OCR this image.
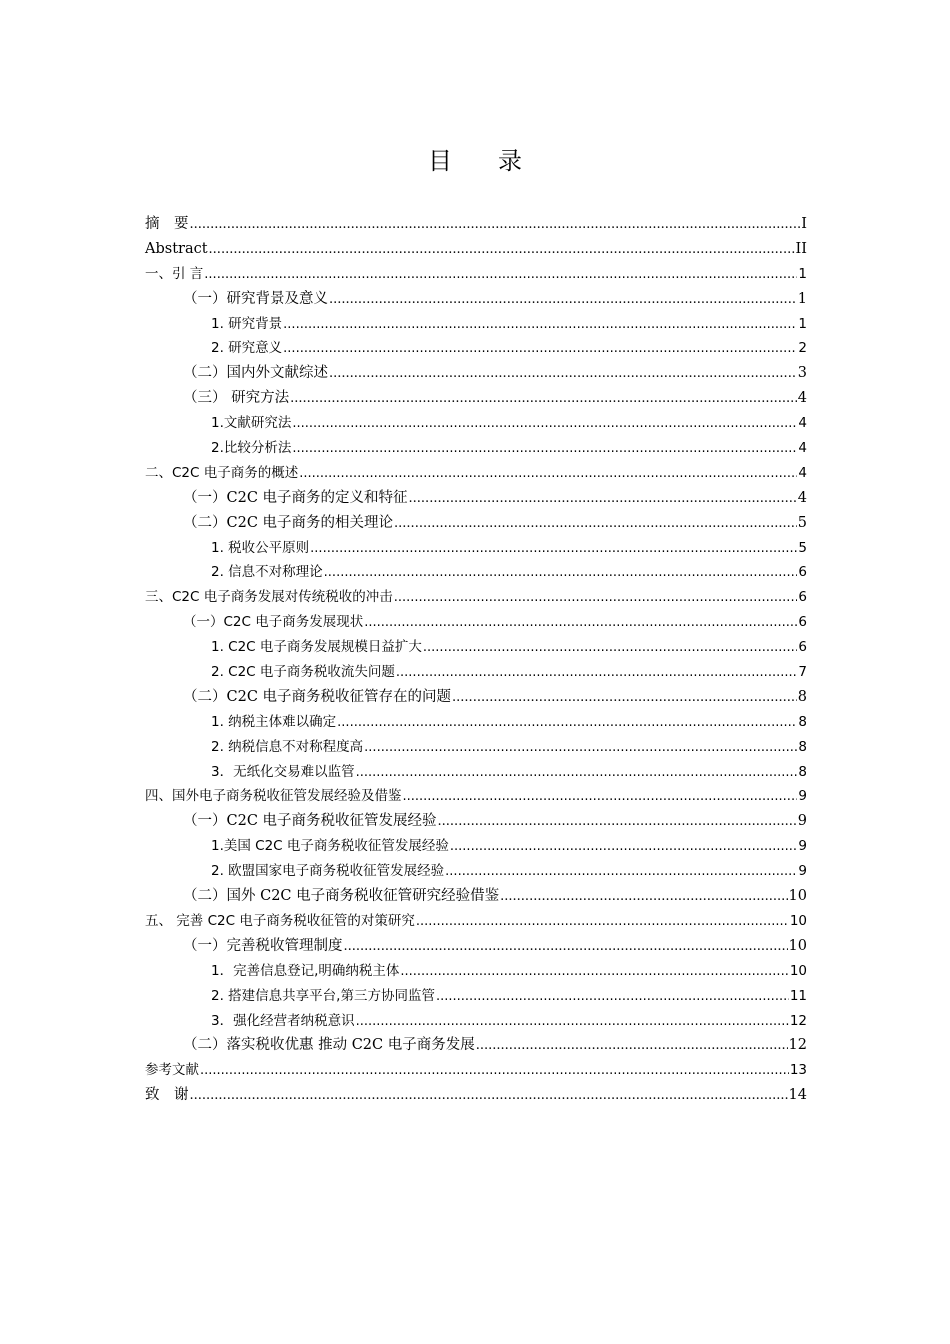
目 录
摘　要 .....	I
Abstract .....	II
一、引 言 .....	1
（一）研究背景及意义 .....	1
1. 研究背景 .....	1
2. 研究意义 .....	2
（二）国内外文献综述 .....	3
（三） 研究方法 .....	4
1.文献研究法 .....	4
2.比较分析法 .....	4
二、C2C 电子商务的概述 .....	4
（一）C2C 电子商务的定义和特征 .....	4
（二）C2C 电子商务的相关理论 .....	5
1. 税收公平原则 .....	5
2. 信息不对称理论 .....	6
三、C2C 电子商务发展对传统税收的冲击 .....	6
（一）C2C 电子商务发展现状 .....	6
1. C2C 电子商务发展规模日益扩大 .....	6
2. C2C 电子商务税收流失问题 .....	7
（二）C2C 电子商务税收征管存在的问题 .....	8
1. 纳税主体难以确定 .....	8
2. 纳税信息不对称程度高 .....	8
3．无纸化交易难以监管 .....	8
四、国外电子商务税收征管发展经验及借鉴 .....	9
（一）C2C 电子商务税收征管发展经验 .....	9
1.美国 C2C 电子商务税收征管发展经验 .....	9
2. 欧盟国家电子商务税收征管发展经验 .....	9
（二）国外 C2C 电子商务税收征管研究经验借鉴 .....	10
五、 完善 C2C 电子商务税收征管的对策研究 .....	10
（一）完善税收管理制度 .....	10
1．完善信息登记,明确纳税主体 .....	10
2. 搭建信息共享平台,第三方协同监管 .....	11
3．强化经营者纳税意识 .....	12
（二）落实税收优惠 推动 C2C 电子商务发展 .....	12
参考文献 .....	13
致　谢 .....	14
